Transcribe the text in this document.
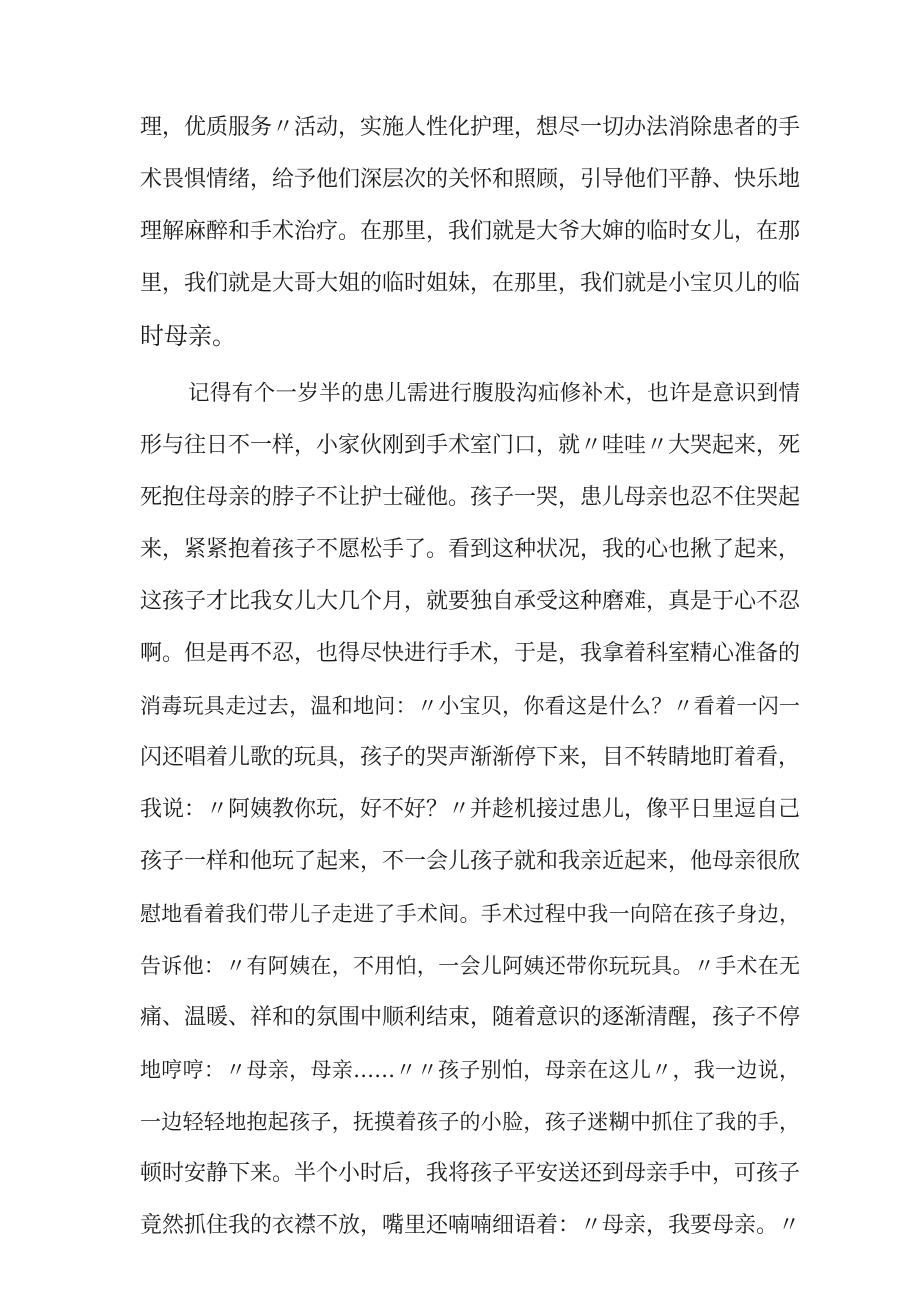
理，优质服务〃活动，实施人性化护理，想尽一切办法消除患者的手
术畏惧情绪，给予他们深层次的关怀和照顾，引导他们平静、快乐地
理解麻醉和手术治疗。在那里，我们就是大爷大婶的临时女儿，在那
里，我们就是大哥大姐的临时姐妹，在那里，我们就是小宝贝儿的临
时母亲。
记得有个一岁半的患儿需进行腹股沟疝修补术，也许是意识到情
形与往日不一样，小家伙刚到手术室门口，就〃哇哇〃大哭起来，死
死抱住母亲的脖子不让护士碰他。孩子一哭，患儿母亲也忍不住哭起
来，紧紧抱着孩子不愿松手了。看到这种状况，我的心也揪了起来，
这孩子才比我女儿大几个月，就要独自承受这种磨难，真是于心不忍
啊。但是再不忍，也得尽快进行手术，于是，我拿着科室精心准备的
消毒玩具走过去，温和地问：〃小宝贝，你看这是什么？〃看着一闪一
闪还唱着儿歌的玩具，孩子的哭声渐渐停下来，目不转睛地盯着看，
我说：〃阿姨教你玩，好不好？〃并趁机接过患儿，像平日里逗自己
孩子一样和他玩了起来，不一会儿孩子就和我亲近起来，他母亲很欣
慰地看着我们带儿子走进了手术间。手术过程中我一向陪在孩子身边，
告诉他：〃有阿姨在，不用怕，一会儿阿姨还带你玩玩具。〃手术在无
痛、温暖、祥和的氛围中顺利结束，随着意识的逐渐清醒，孩子不停
地哼哼：〃母亲，母亲……〃〃孩子别怕，母亲在这儿〃，我一边说，
一边轻轻地抱起孩子，抚摸着孩子的小脸，孩子迷糊中抓住了我的手，
顿时安静下来。半个小时后，我将孩子平安送还到母亲手中，可孩子
竟然抓住我的衣襟不放，嘴里还喃喃细语着：〃母亲，我要母亲。〃
